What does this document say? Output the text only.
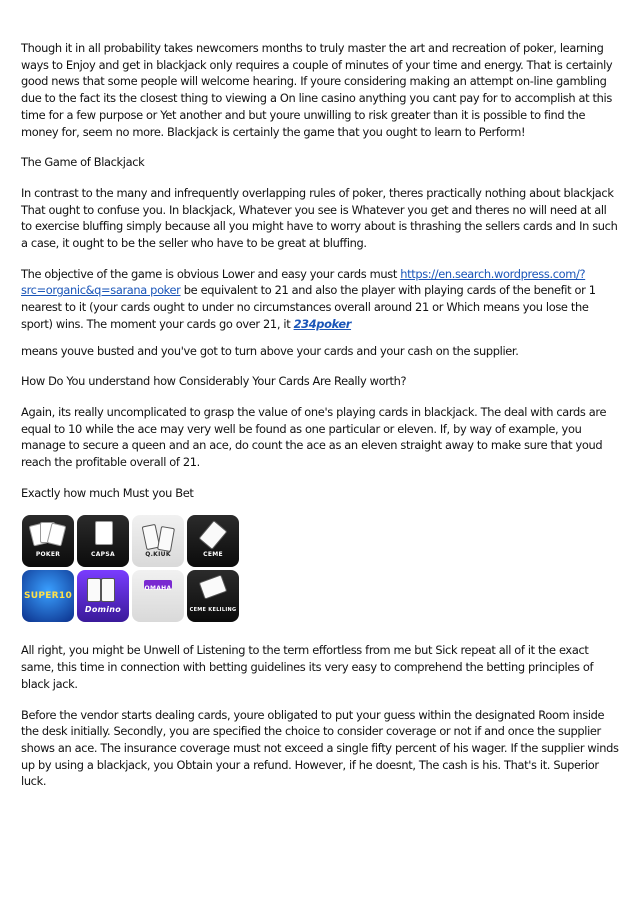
Though it in all probability takes newcomers months to truly master the art and recreation of poker, learning ways to Enjoy and get in blackjack only requires a couple of minutes of your time and energy. That is certainly good news that some people will welcome hearing. If youre considering making an attempt on-line gambling due to the fact its the closest thing to viewing a On line casino anything you cant pay for to accomplish at this time for a few purpose or Yet another and but youre unwilling to risk greater than it is possible to find the money for, seem no more. Blackjack is certainly the game that you ought to learn to Perform!

The Game of Blackjack

In contrast to the many and infrequently overlapping rules of poker, theres practically nothing about blackjack That ought to confuse you. In blackjack, Whatever you see is Whatever you get and theres no will need at all to exercise bluffing simply because all you might have to worry about is thrashing the sellers cards and In such a case, it ought to be the seller who have to be great at bluffing.

The objective of the game is obvious Lower and easy your cards must https://en.search.wordpress.com/?src=organic&q=sarana poker be equivalent to 21 and also the player with playing cards of the benefit or 1 nearest to it (your cards ought to under no circumstances overall around 21 or Which means you lose the sport) wins. The moment your cards go over 21, it 234poker

means youve busted and you've got to turn above your cards and your cash on the supplier.

How Do You understand how Considerably Your Cards Are Really worth?

Again, its really uncomplicated to grasp the value of one's playing cards in blackjack. The deal with cards are equal to 10 while the ace may very well be found as one particular or eleven. If, by way of example, you manage to secure a queen and an ace, do count the ace as an eleven straight away to make sure that youd reach the profitable overall of 21.

Exactly how much Must you Bet

POKER	CAPSA	Q.KIUK	CEME
SUPER10
Domino
OMAHA
CEME KELILING

All right, you might be Unwell of Listening to the term effortless from me but Sick repeat all of it the exact same, this time in connection with betting guidelines its very easy to comprehend the betting principles of black jack.

Before the vendor starts dealing cards, youre obligated to put your guess within the designated Room inside the desk initially. Secondly, you are specified the choice to consider coverage or not if and once the supplier shows an ace. The insurance coverage must not exceed a single fifty percent of his wager. If the supplier winds up by using a blackjack, you Obtain your a refund. However, if he doesnt, The cash is his. That's it. Superior luck.
